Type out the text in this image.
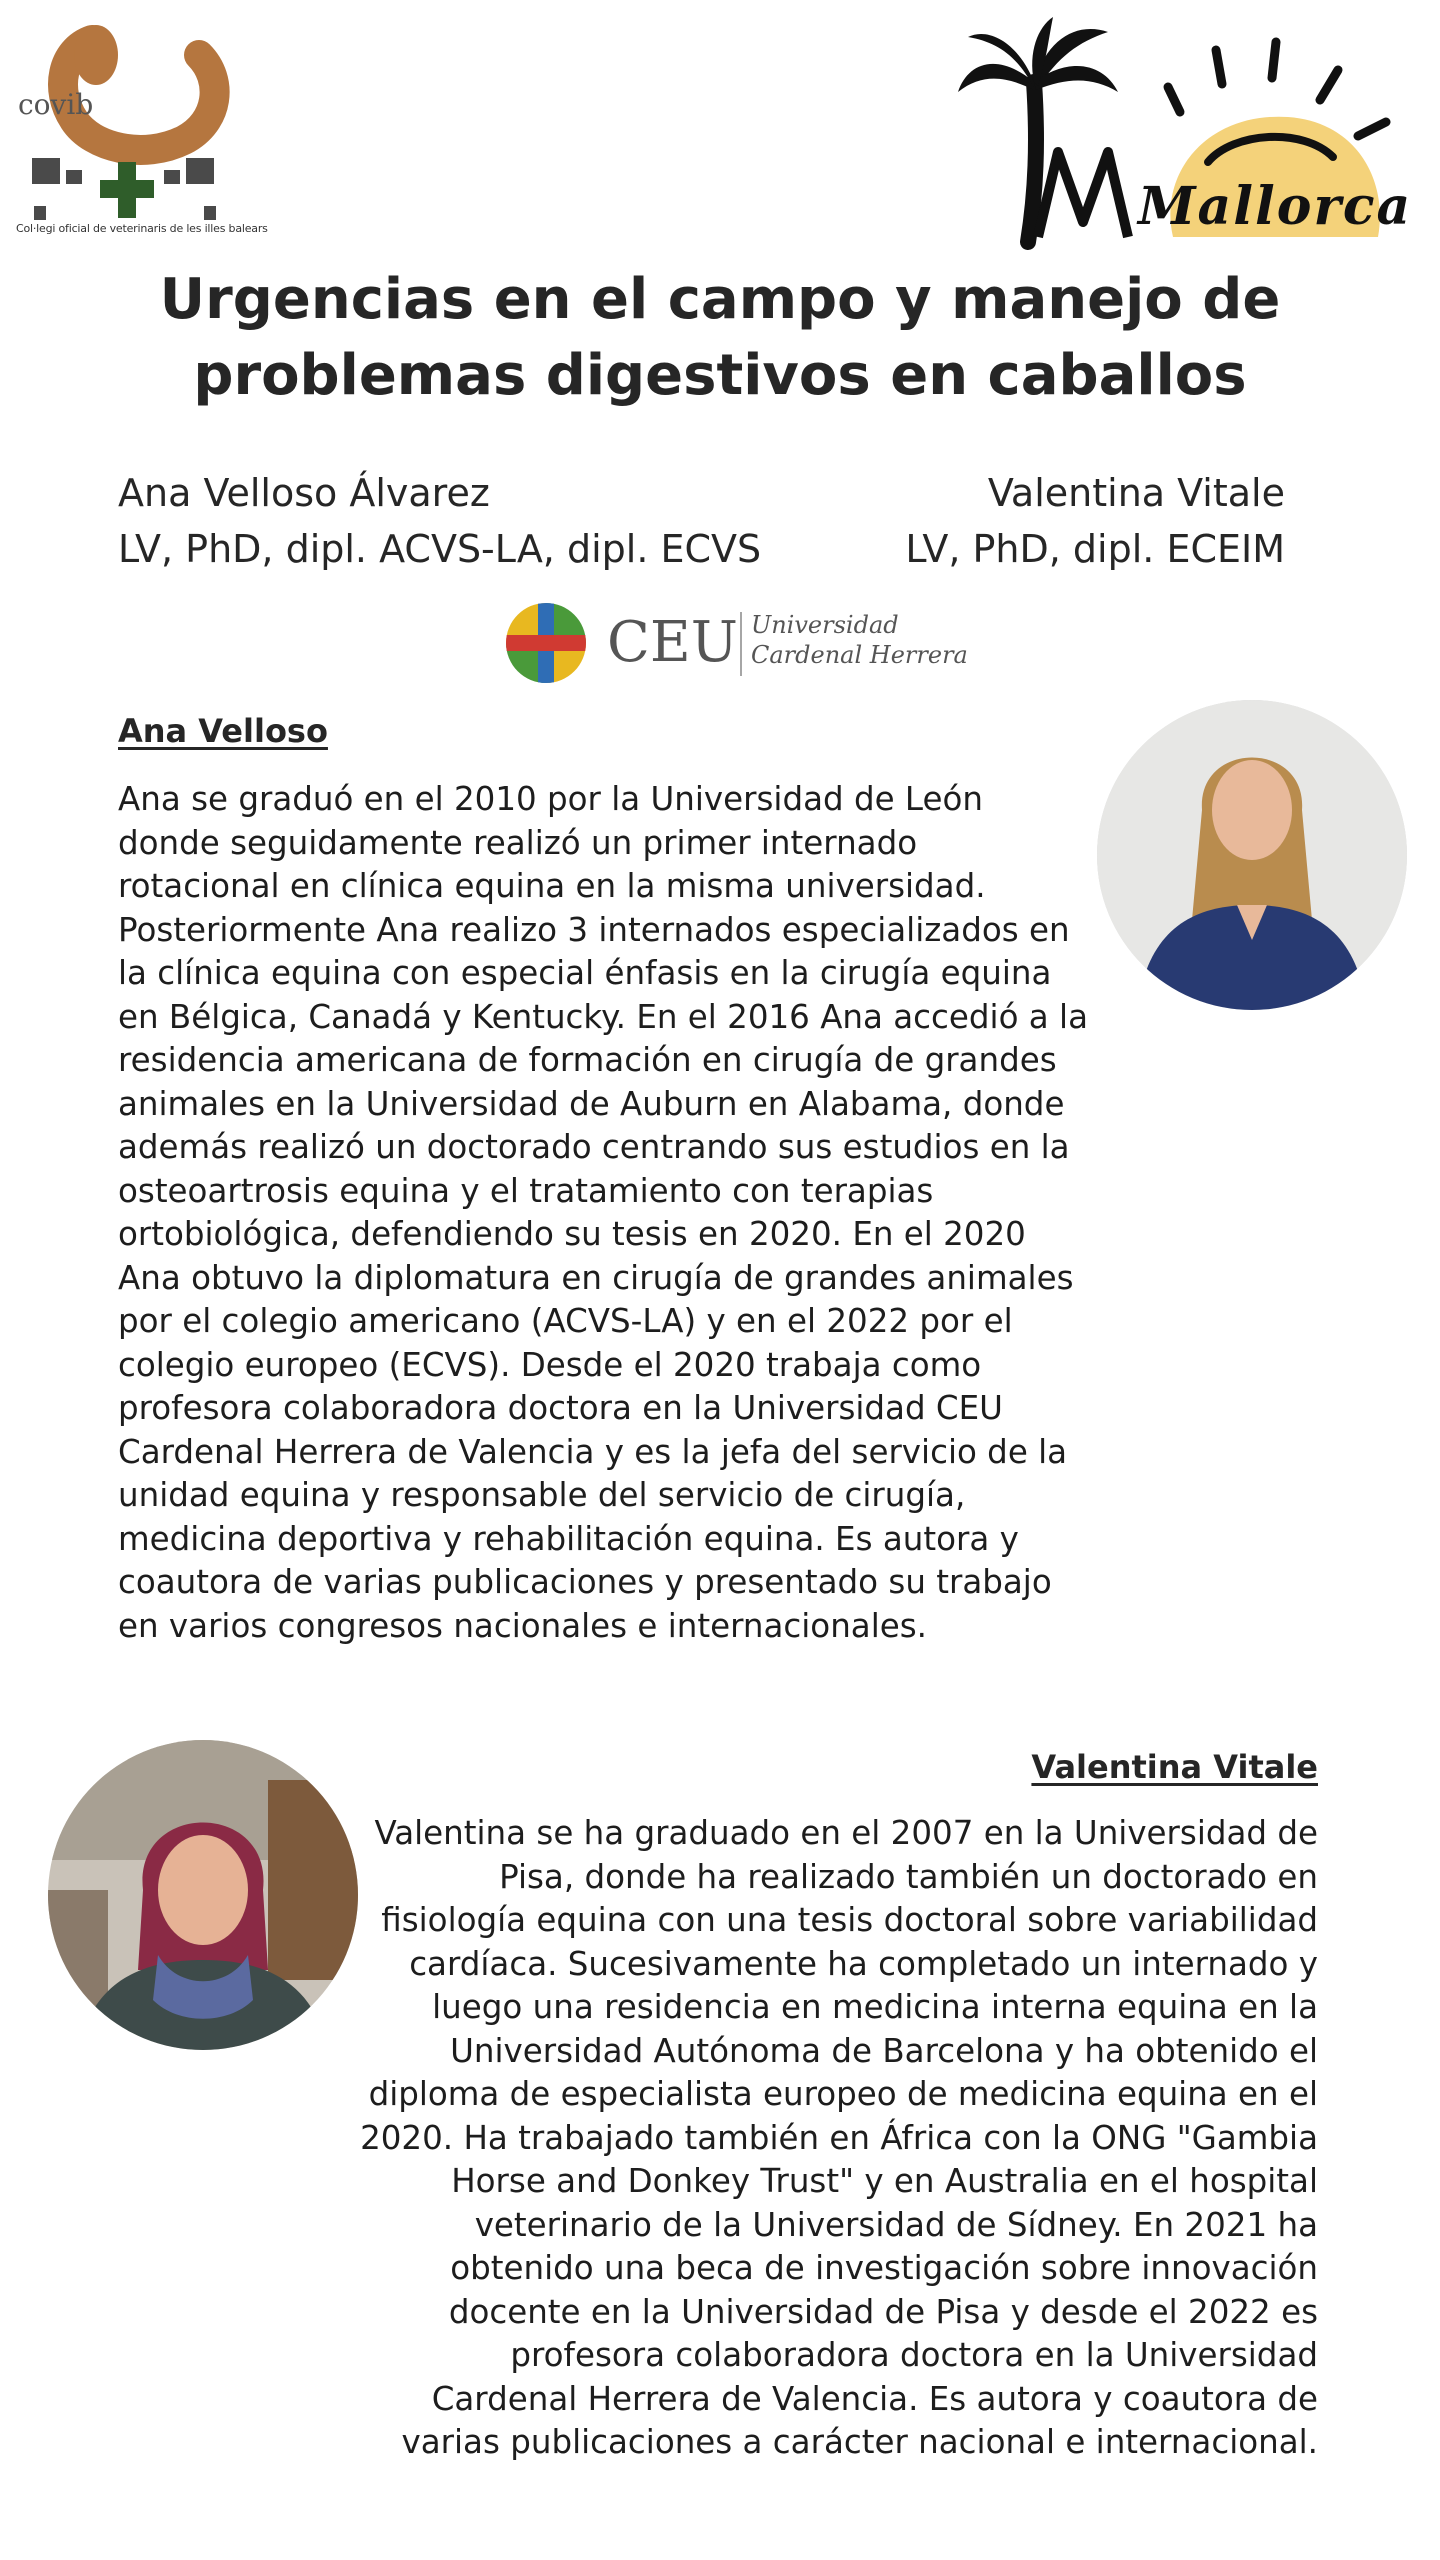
covib
Col·legi oficial de veterinaris de les illes balears	Mallorca
Urgencias en el campo y manejo de
problemas digestivos en caballos
Ana Velloso Álvarez
LV, PhD, dipl. ACVS-LA, dipl. ECVS
Valentina Vitale
LV, PhD, dipl. ECEIM
CEU Universidad
Cardenal Herrera
Ana Velloso
Ana se graduó en el 2010 por la Universidad de León
donde seguidamente realizó un primer internado
rotacional en clínica equina en la misma universidad.
Posteriormente Ana realizo 3 internados especializados en
la clínica equina con especial énfasis en la cirugía equina
en Bélgica, Canadá y Kentucky. En el 2016 Ana accedió a la
residencia americana de formación en cirugía de grandes
animales en la Universidad de Auburn en Alabama, donde
además realizó un doctorado centrando sus estudios en la
osteoartrosis equina y el tratamiento con terapias
ortobiológica, defendiendo su tesis en 2020. En el 2020
Ana obtuvo la diplomatura en cirugía de grandes animales
por el colegio americano (ACVS-LA) y en el 2022 por el
colegio europeo (ECVS). Desde el 2020 trabaja como
profesora colaboradora doctora en la Universidad CEU
Cardenal Herrera de Valencia y es la jefa del servicio de la
unidad equina y responsable del servicio de cirugía,
medicina deportiva y rehabilitación equina. Es autora y
coautora de varias publicaciones y presentado su trabajo
en varios congresos nacionales e internacionales.
Valentina Vitale
Valentina se ha graduado en el 2007 en la Universidad de
Pisa, donde ha realizado también un doctorado en
fisiología equina con una tesis doctoral sobre variabilidad
cardíaca. Sucesivamente ha completado un internado y
luego una residencia en medicina interna equina en la
Universidad Autónoma de Barcelona y ha obtenido el
diploma de especialista europeo de medicina equina en el
2020. Ha trabajado también en África con la ONG "Gambia
Horse and Donkey Trust" y en Australia en el hospital
veterinario de la Universidad de Sídney. En 2021 ha
obtenido una beca de investigación sobre innovación
docente en la Universidad de Pisa y desde el 2022 es
profesora colaboradora doctora en la Universidad
Cardenal Herrera de Valencia. Es autora y coautora de
varias publicaciones a carácter nacional e internacional.
